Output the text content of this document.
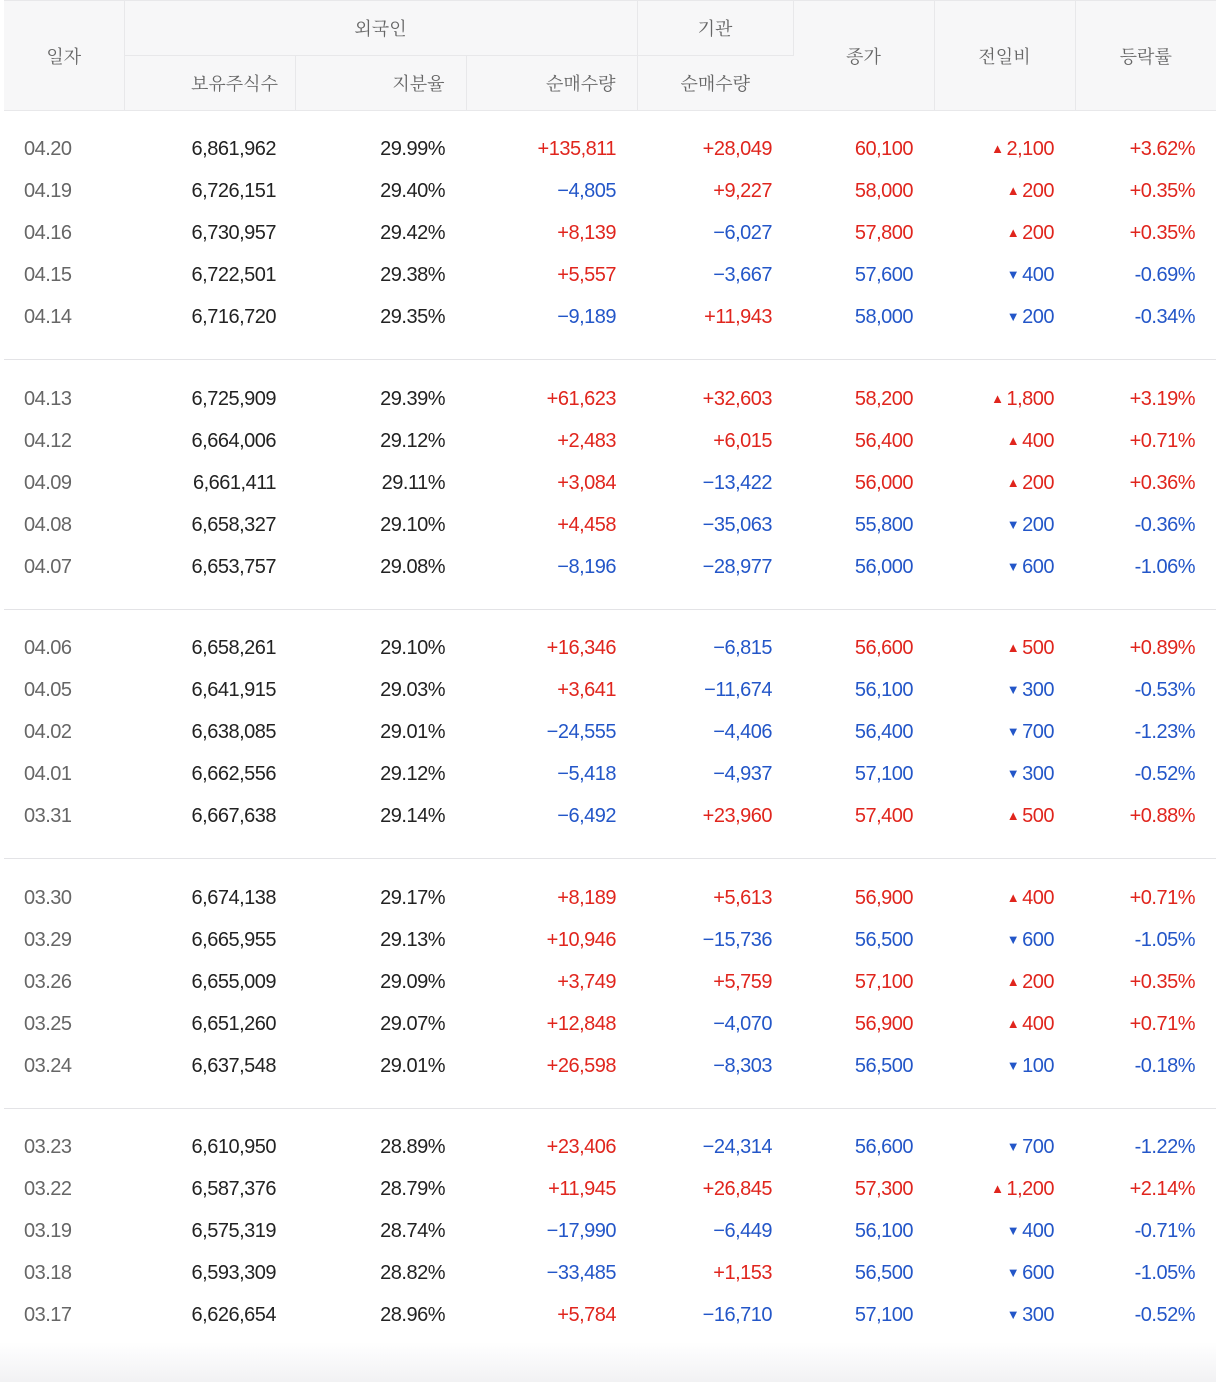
일자	외국인			기관	종가	전일비	등락률
	보유주식수	지분율	순매수량	순매수량			

04.20	6,861,962	29.99%	+135,811	+28,049	60,100	▲ 2,100	+3.62%
04.19	6,726,151	29.40%	−4,805	+9,227	58,000	▲ 200	+0.35%
04.16	6,730,957	29.42%	+8,139	−6,027	57,800	▲ 200	+0.35%
04.15	6,722,501	29.38%	+5,557	−3,667	57,600	▼ 400	-0.69%
04.14	6,716,720	29.35%	−9,189	+11,943	58,000	▼ 200	-0.34%

04.13	6,725,909	29.39%	+61,623	+32,603	58,200	▲ 1,800	+3.19%
04.12	6,664,006	29.12%	+2,483	+6,015	56,400	▲ 400	+0.71%
04.09	6,661,411	29.11%	+3,084	−13,422	56,000	▲ 200	+0.36%
04.08	6,658,327	29.10%	+4,458	−35,063	55,800	▼ 200	-0.36%
04.07	6,653,757	29.08%	−8,196	−28,977	56,000	▼ 600	-1.06%

04.06	6,658,261	29.10%	+16,346	−6,815	56,600	▲ 500	+0.89%
04.05	6,641,915	29.03%	+3,641	−11,674	56,100	▼ 300	-0.53%
04.02	6,638,085	29.01%	−24,555	−4,406	56,400	▼ 700	-1.23%
04.01	6,662,556	29.12%	−5,418	−4,937	57,100	▼ 300	-0.52%
03.31	6,667,638	29.14%	−6,492	+23,960	57,400	▲ 500	+0.88%

03.30	6,674,138	29.17%	+8,189	+5,613	56,900	▲ 400	+0.71%
03.29	6,665,955	29.13%	+10,946	−15,736	56,500	▼ 600	-1.05%
03.26	6,655,009	29.09%	+3,749	+5,759	57,100	▲ 200	+0.35%
03.25	6,651,260	29.07%	+12,848	−4,070	56,900	▲ 400	+0.71%
03.24	6,637,548	29.01%	+26,598	−8,303	56,500	▼ 100	-0.18%

03.23	6,610,950	28.89%	+23,406	−24,314	56,600	▼ 700	-1.22%
03.22	6,587,376	28.79%	+11,945	+26,845	57,300	▲ 1,200	+2.14%
03.19	6,575,319	28.74%	−17,990	−6,449	56,100	▼ 400	-0.71%
03.18	6,593,309	28.82%	−33,485	+1,153	56,500	▼ 600	-1.05%
03.17	6,626,654	28.96%	+5,784	−16,710	57,100	▼ 300	-0.52%
